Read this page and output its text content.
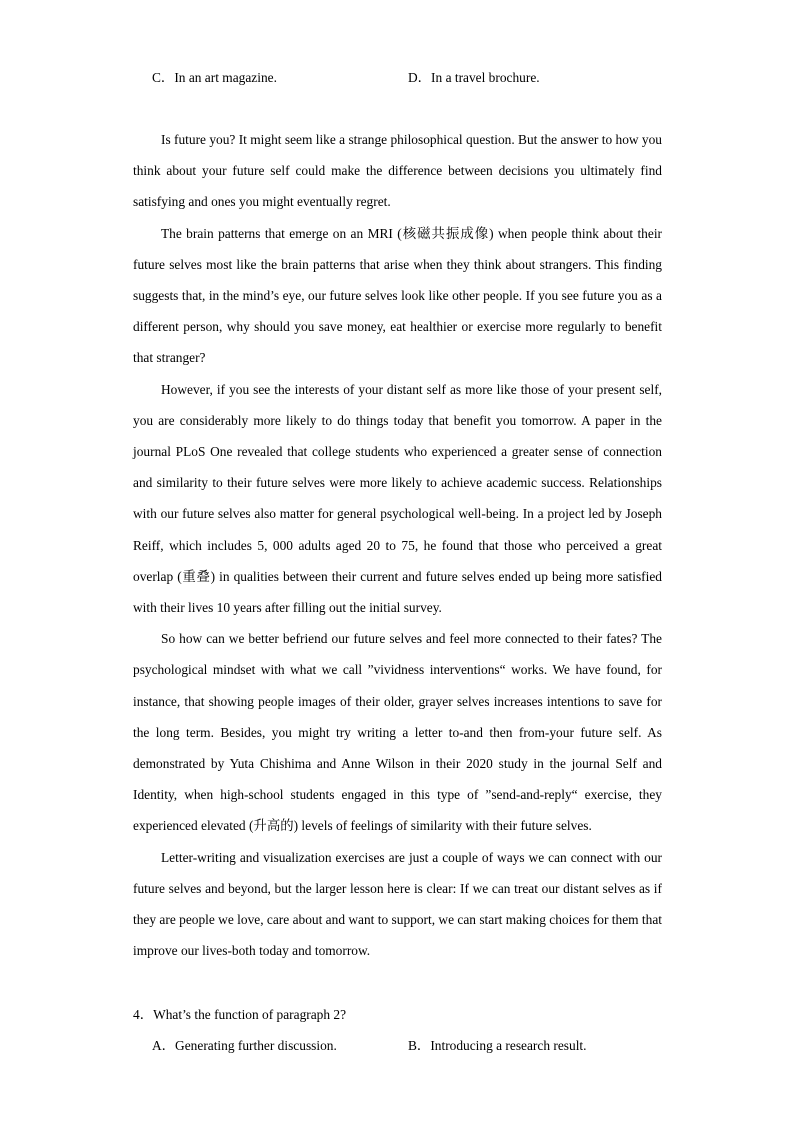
C．In an art magazine.	D．In a travel brochure.

Is future you? It might seem like a strange philosophical question. But the answer to how you think about your future self could make the difference between decisions you ultimately find satisfying and ones you might eventually regret.

The brain patterns that emerge on an MRI (核磁共振成像) when people think about their future selves most like the brain patterns that arise when they think about strangers. This finding suggests that, in the mind’s eye, our future selves look like other people. If you see future you as a different person, why should you save money, eat healthier or exercise more regularly to benefit that stranger?

However, if you see the interests of your distant self as more like those of your present self, you are considerably more likely to do things today that benefit you tomorrow. A paper in the journal PLoS One revealed that college students who experienced a greater sense of connection and similarity to their future selves were more likely to achieve academic success. Relationships with our future selves also matter for general psychological well-being. In a project led by Joseph Reiff, which includes 5, 000 adults aged 20 to 75, he found that those who perceived a great overlap (重叠) in qualities between their current and future selves ended up being more satisfied with their lives 10 years after filling out the initial survey.

So how can we better befriend our future selves and feel more connected to their fates? The psychological mindset with what we call ”vividness interventions“ works. We have found, for instance, that showing people images of their older, grayer selves increases intentions to save for the long term. Besides, you might try writing a letter to-and then from-your future self. As demonstrated by Yuta Chishima and Anne Wilson in their 2020 study in the journal Self and Identity, when high-school students engaged in this type of ”send-and-reply“ exercise, they experienced elevated (升高的) levels of feelings of similarity with their future selves.

Letter-writing and visualization exercises are just a couple of ways we can connect with our future selves and beyond, but the larger lesson here is clear: If we can treat our distant selves as if they are people we love, care about and want to support, we can start making choices for them that improve our lives-both today and tomorrow.

4．What’s the function of paragraph 2?
A．Generating further discussion.	B．Introducing a research result.
